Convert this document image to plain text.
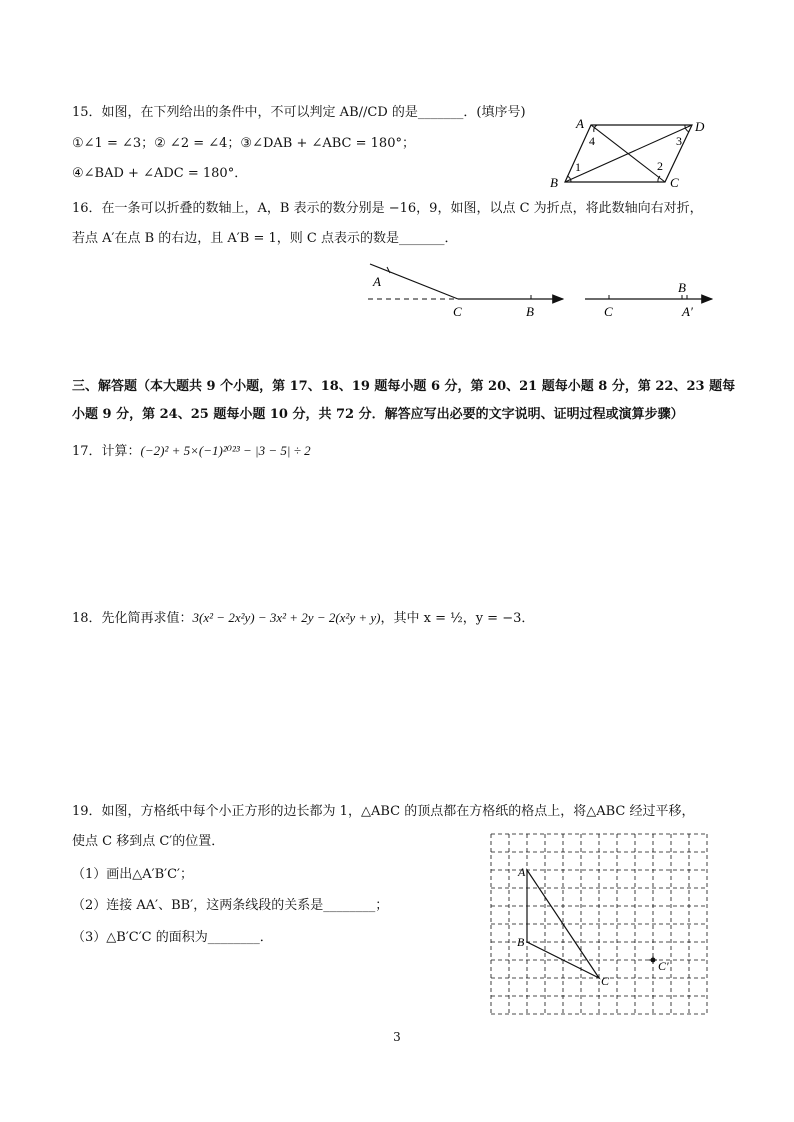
15．如图，在下列给出的条件中，不可以判定 AB//CD 的是_______．(填序号)
①∠1 = ∠3；② ∠2 = ∠4；③∠DAB + ∠ABC = 180°；
④∠BAD + ∠ADC = 180°．
A	D
B	C
1	2
3
4
16．在一条可以折叠的数轴上，A，B 表示的数分别是 −16，9，如图，以点 C 为折点，将此数轴向右对折，
若点 A′在点 B 的右边，且 A′B = 1，则 C 点表示的数是_______．
A
C	B	C
B
A′
三、解答题（本大题共 9 个小题，第 17、18、19 题每小题 6 分，第 20、21 题每小题 8 分，第 22、23 题每
小题 9 分，第 24、25 题每小题 10 分，共 72 分．解答应写出必要的文字说明、证明过程或演算步骤）
17．计算：(−2)² + 5×(−1)²⁰²³ − |3 − 5| ÷ 2
18．先化简再求值：3(x² − 2x²y) − 3x² + 2y − 2(x²y + y)，其中 x = ½，y = −3．
19．如图，方格纸中每个小正方形的边长都为 1，△ABC 的顶点都在方格纸的格点上，将△ABC 经过平移，
使点 C 移到点 C′的位置．
（1）画出△A′B′C′；
（2）连接 AA′、BB′，这两条线段的关系是________；
（3）△B′C′C 的面积为________．
A
B
C
C′
3
